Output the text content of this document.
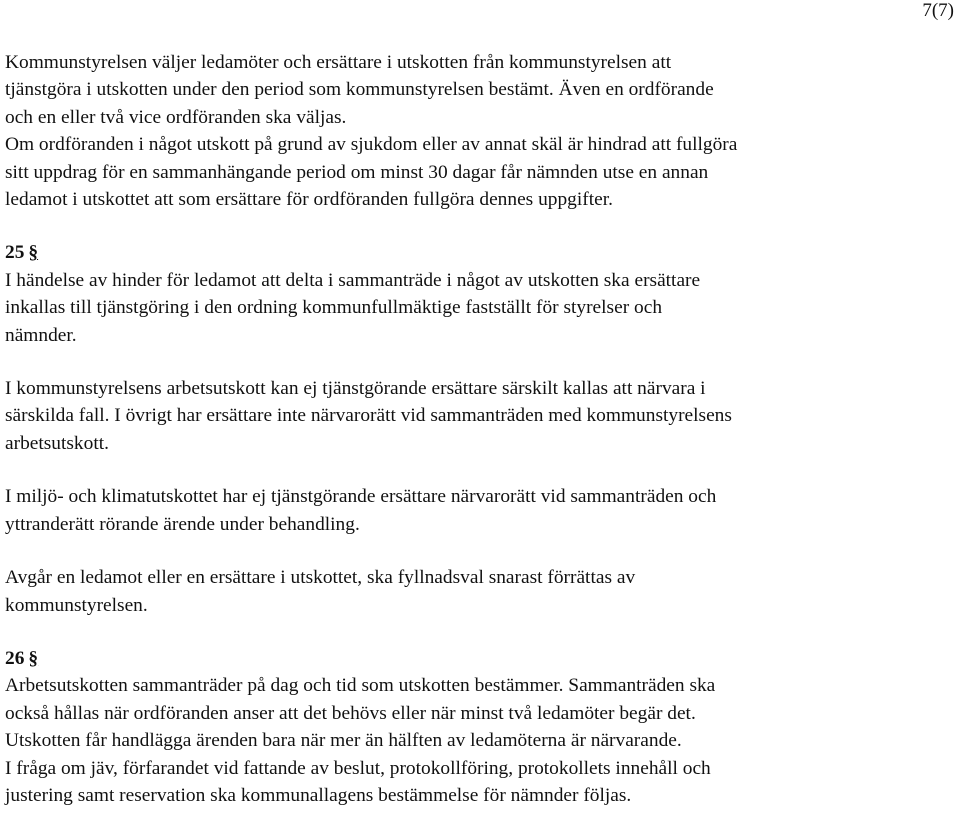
7(7)

Kommunstyrelsen väljer ledamöter och ersättare i utskotten från kommunstyrelsen att
tjänstgöra i utskotten under den period som kommunstyrelsen bestämt. Även en ordförande
och en eller två vice ordföranden ska väljas.
Om ordföranden i något utskott på grund av sjukdom eller av annat skäl är hindrad att fullgöra
sitt uppdrag för en sammanhängande period om minst 30 dagar får nämnden utse en annan
ledamot i utskottet att som ersättare för ordföranden fullgöra dennes uppgifter.

25 §

I händelse av hinder för ledamot att delta i sammanträde i något av utskotten ska ersättare
inkallas till tjänstgöring i den ordning kommunfullmäktige fastställt för styrelser och
nämnder.

I kommunstyrelsens arbetsutskott kan ej tjänstgörande ersättare särskilt kallas att närvara i
särskilda fall. I övrigt har ersättare inte närvarorätt vid sammanträden med kommunstyrelsens
arbetsutskott.

I miljö- och klimatutskottet har ej tjänstgörande ersättare närvarorätt vid sammanträden och
yttranderätt rörande ärende under behandling.

Avgår en ledamot eller en ersättare i utskottet, ska fyllnadsval snarast förrättas av
kommunstyrelsen.

26 §

Arbetsutskotten sammanträder på dag och tid som utskotten bestämmer. Sammanträden ska
också hållas när ordföranden anser att det behövs eller när minst två ledamöter begär det.
Utskotten får handlägga ärenden bara när mer än hälften av ledamöterna är närvarande.
I fråga om jäv, förfarandet vid fattande av beslut, protokollföring, protokollets innehåll och
justering samt reservation ska kommunallagens bestämmelse för nämnder följas.
